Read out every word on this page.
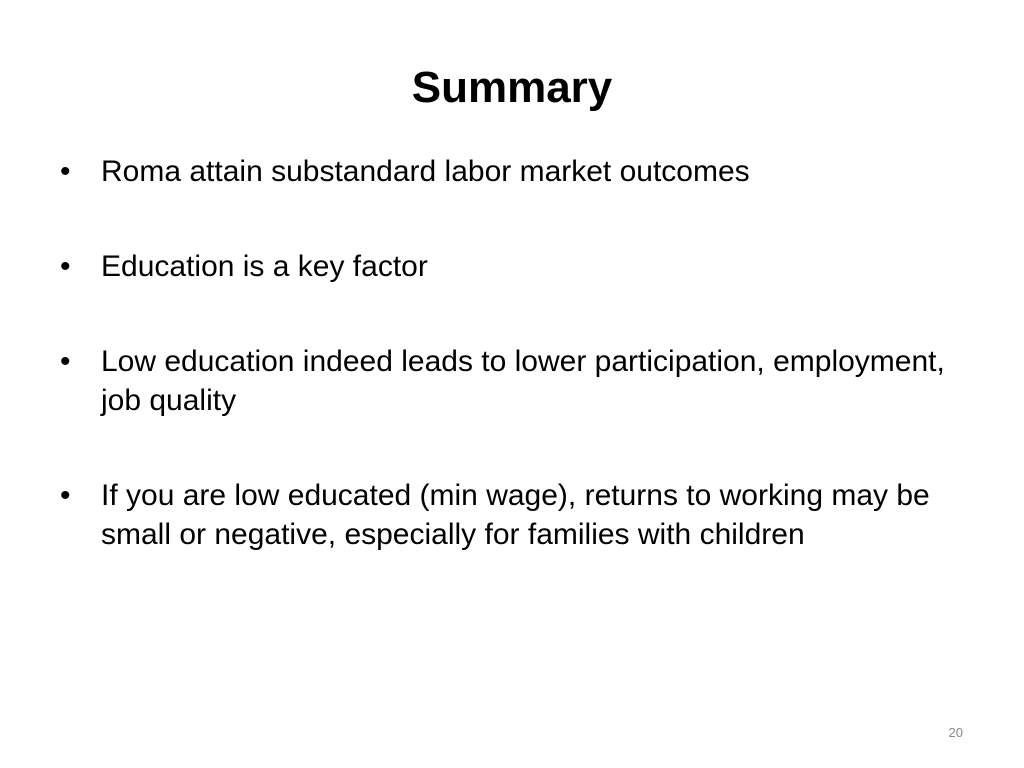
Summary
•	Roma attain substandard labor market outcomes
•	Education is a key factor
•	Low education indeed leads to lower participation, employment, job quality
•	If you are low educated (min wage), returns to working may be small or negative, especially for families with children
20
